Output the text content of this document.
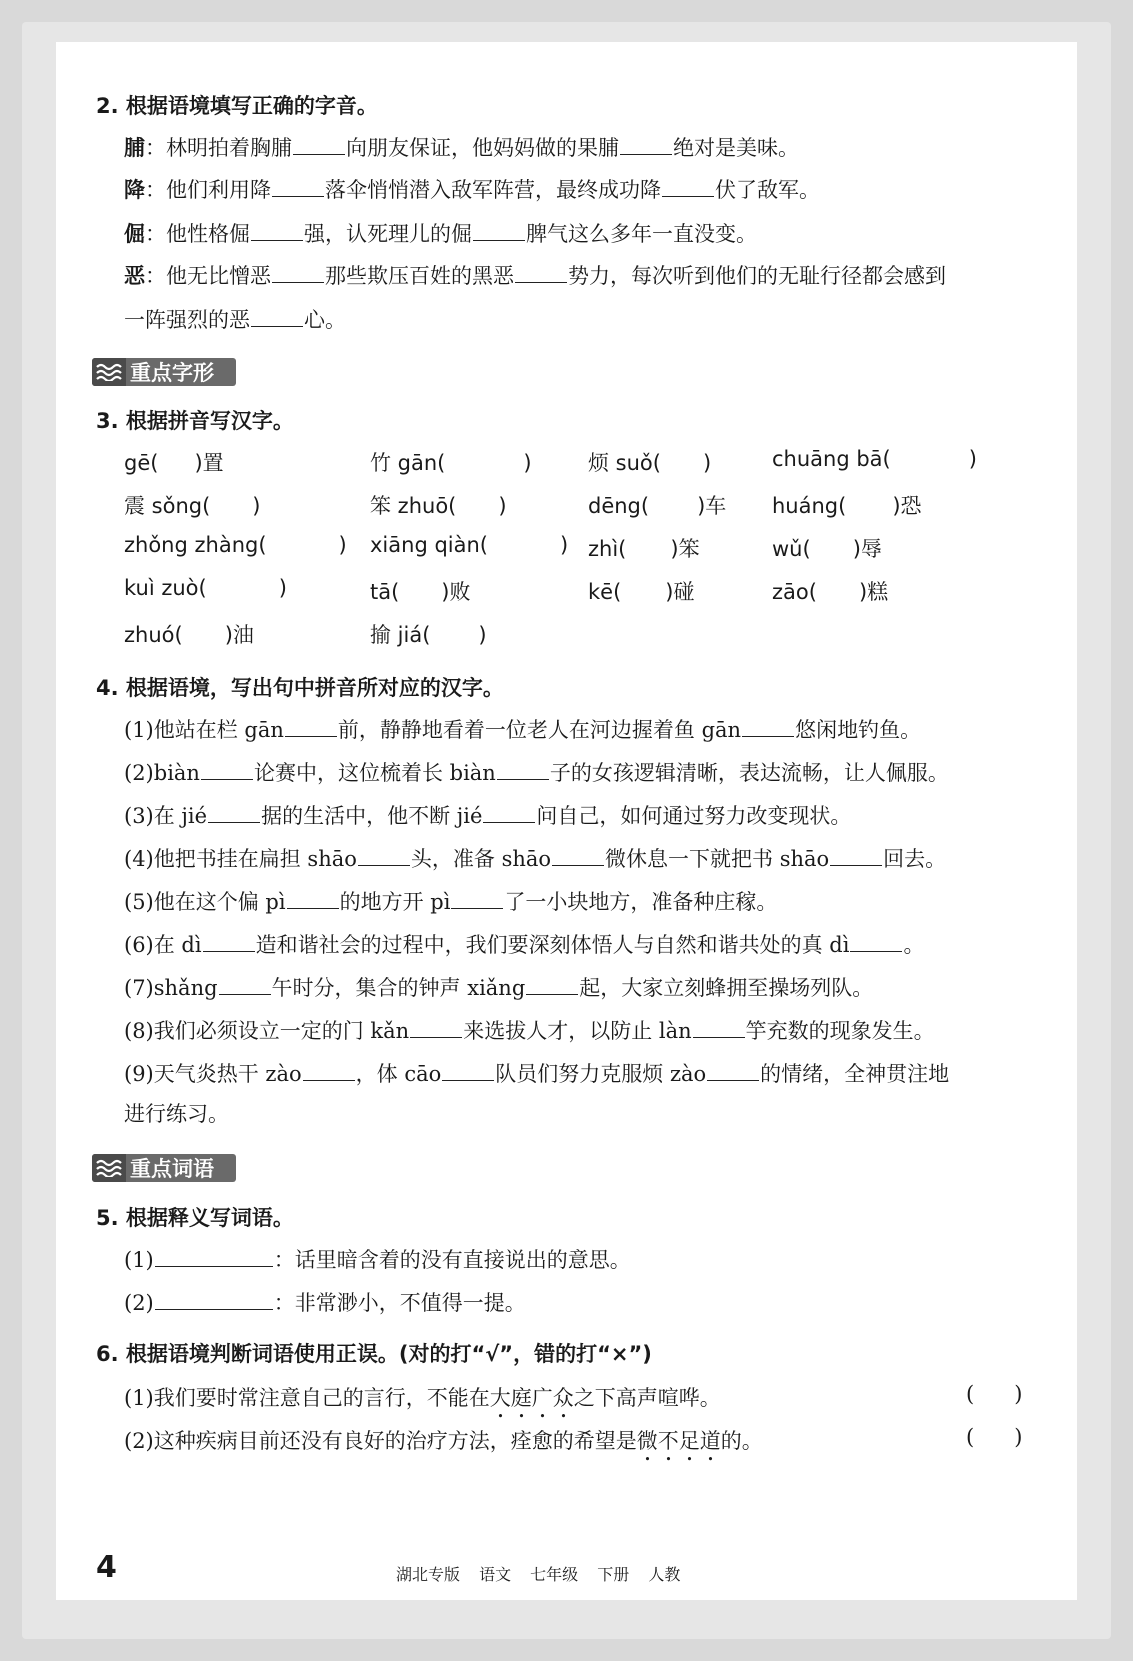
2. 根据语境填写正确的字音。
脯：林明拍着胸脯	向朋友保证，他妈妈做的果脯	绝对是美味。
降：他们利用降	落伞悄悄潜入敌军阵营，最终成功降	伏了敌军。
倔：他性格倔	强，认死理儿的倔	脾气这么多年一直没变。
恶：他无比憎恶	那些欺压百姓的黑恶	势力，每次听到他们的无耻行径都会感到
一阵强烈的恶	心。
重点字形
3. 根据拼音写汉字。
gē( )置	竹 gān(	)	烦 suǒ( )	chuāng bā(	)
震 sǒng( )	笨 zhuō( )	dēng( )车 huáng( )恐
zhǒng zhàng(	) xiāng qiàn(	) zhì( )笨	wǔ( )辱
kuì zuò(	)	tā( )败	kē( )碰	zāo( )糕
zhuó( )油	揄 jiá( )
4. 根据语境，写出句中拼音所对应的汉字。
(1)他站在栏 gān	前，静静地看着一位老人在河边握着鱼 gān	悠闲地钓鱼。
(2)biàn	论赛中，这位梳着长 biàn	子的女孩逻辑清晰，表达流畅，让人佩服。
(3)在 jié	据的生活中，他不断 jié	问自己，如何通过努力改变现状。
(4)他把书挂在扁担 shāo	头，准备 shāo	微休息一下就把书 shāo	回去。
(5)他在这个偏 pì	的地方开 pì	了一小块地方，准备种庄稼。
(6)在 dì	造和谐社会的过程中，我们要深刻体悟人与自然和谐共处的真 dì	。
(7)shǎng	午时分，集合的钟声 xiǎng	起，大家立刻蜂拥至操场列队。
(8)我们必须设立一定的门 kǎn	来选拔人才，以防止 làn	竽充数的现象发生。
(9)天气炎热干 zào	，体 cāo	队员们努力克服烦 zào	的情绪，全神贯注地
进行练习。
重点词语
5. 根据释义写词语。
(1)	：话里暗含着的没有直接说出的意思。
(2)	：非常渺小，不值得一提。
6. 根据语境判断词语使用正误。(对的打“√”，错的打“×”)
(1)我们要时常注意自己的言行，不能在大庭广众之下高声喧哗。	(      )
(2)这种疾病目前还没有良好的治疗方法，痊愈的希望是微不足道的。	(      )
4	湖北专版 语文 七年级 下册 人教
